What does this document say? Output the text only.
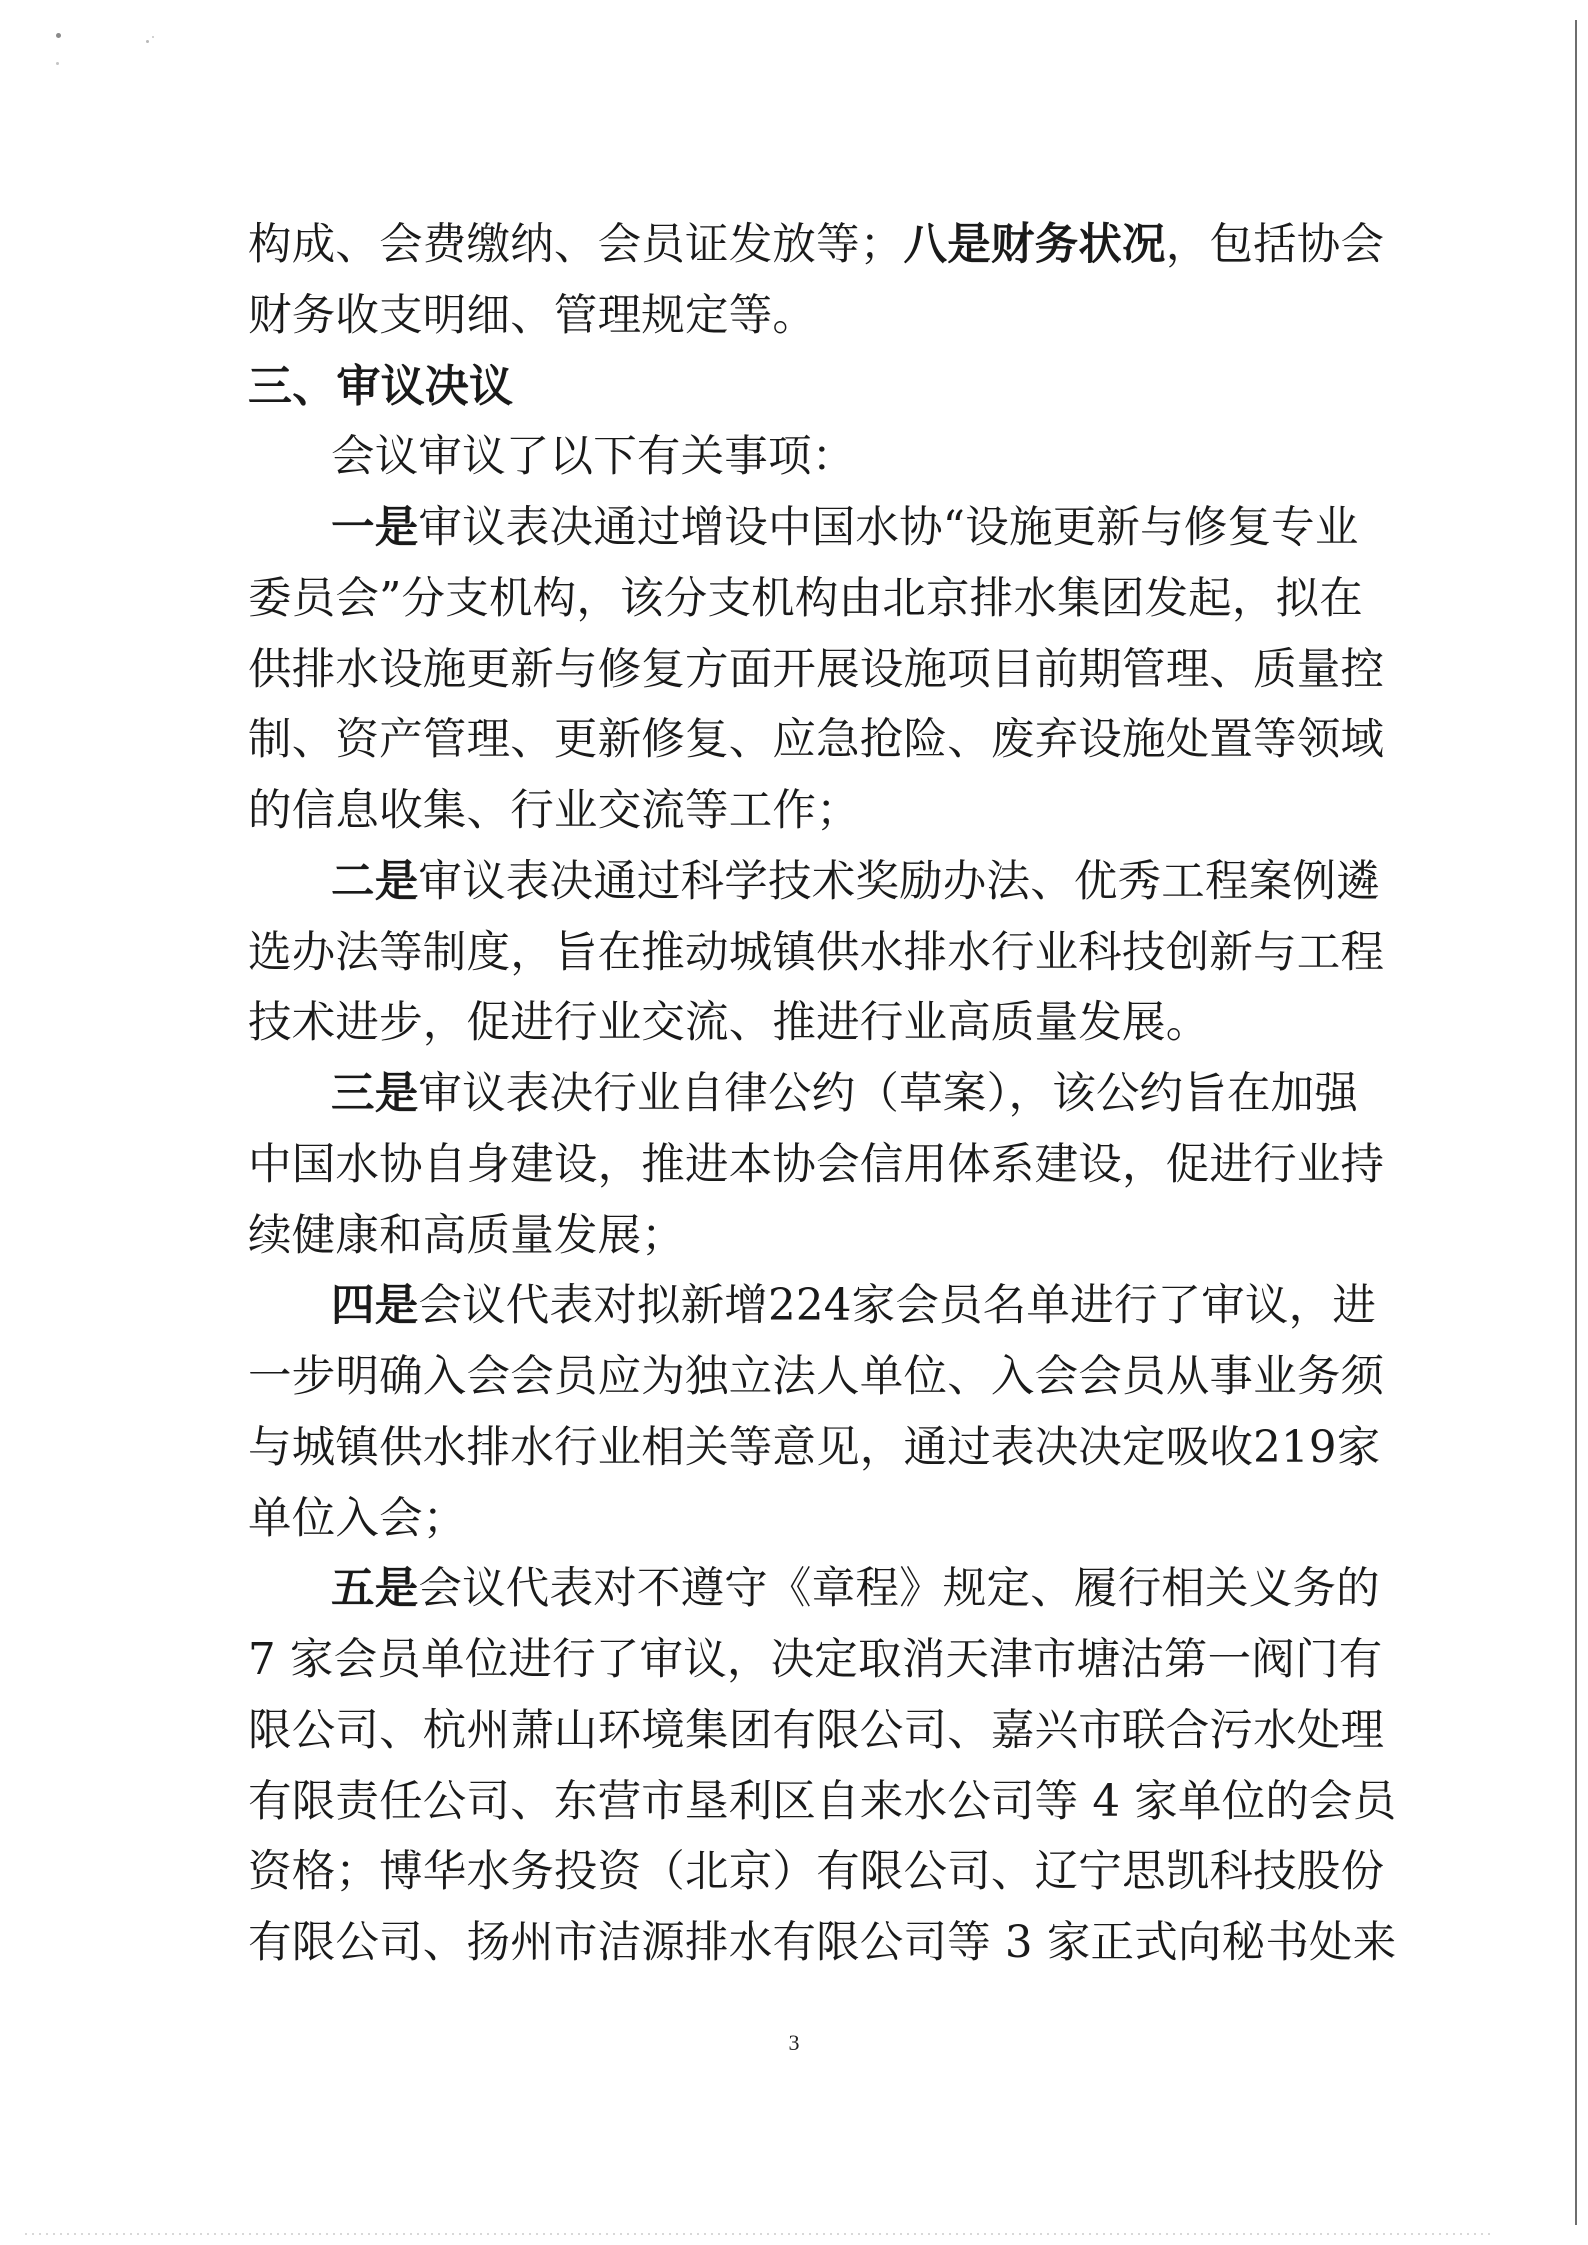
构成、会费缴纳、会员证发放等；八是财务状况，包括协会
财务收支明细、管理规定等。
三、审议决议
会议审议了以下有关事项：
一是审议表决通过增设中国水协“设施更新与修复专业
委员会”分支机构，该分支机构由北京排水集团发起，拟在
供排水设施更新与修复方面开展设施项目前期管理、质量控
制、资产管理、更新修复、应急抢险、废弃设施处置等领域
的信息收集、行业交流等工作；
二是审议表决通过科学技术奖励办法、优秀工程案例遴
选办法等制度，旨在推动城镇供水排水行业科技创新与工程
技术进步，促进行业交流、推进行业高质量发展。
三是审议表决行业自律公约（草案），该公约旨在加强
中国水协自身建设，推进本协会信用体系建设，促进行业持
续健康和高质量发展；
四是会议代表对拟新增224家会员名单进行了审议，进
一步明确入会会员应为独立法人单位、入会会员从事业务须
与城镇供水排水行业相关等意见，通过表决决定吸收219家
单位入会；
五是会议代表对不遵守《章程》规定、履行相关义务的
7 家会员单位进行了审议，决定取消天津市塘沽第一阀门有
限公司、杭州萧山环境集团有限公司、嘉兴市联合污水处理
有限责任公司、东营市垦利区自来水公司等 4 家单位的会员
资格；博华水务投资（北京）有限公司、辽宁思凯科技股份
有限公司、扬州市洁源排水有限公司等 3 家正式向秘书处来
3
